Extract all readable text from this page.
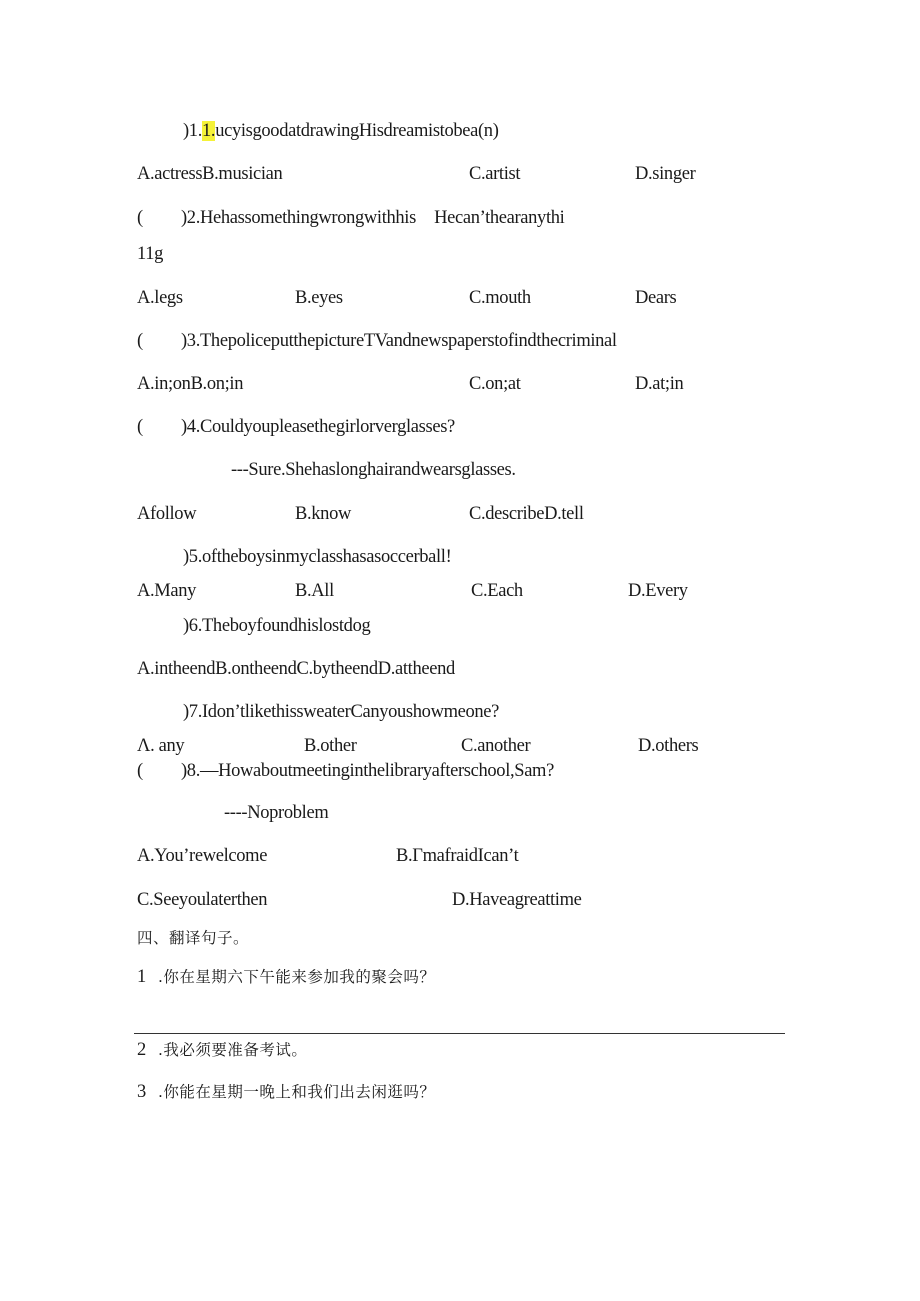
)1.1.ucyisgoodatdrawingHisdreamistobea(n)
A.actressB.musician	C.artist	D.singer
( )2.Hehassomethingwrongwithhis　Hecan’thearanythi
11g
A.legs	B.eyes	C.mouth	Dears
( )3.ThepoliceputthepictureTVandnewspaperstofindthecriminal
A.in;onB.on;in	C.on;at	D.at;in
( )4.Couldyoupleasethegirlorverglasses?
---Sure.Shehaslonghairandwearsglasses.
Afollow	B.know	C.describeD.tell
)5.oftheboysinmyclasshasasoccerball!
A.Many	B.All	C.Each	D.Every
)6.Theboyfoundhislostdog
A.intheendB.ontheendC.bytheendD.attheend
)7.Idon’tlikethissweaterCanyoushowmeone?
Λ. any	B.other	C.another	D.others
( )8.—Howaboutmeetinginthelibraryafterschool,Sam?
----Noproblem
A.You’rewelcome	B.ΓmafraidIcan’t
C.Seeyoulaterthen	D.Haveagreattime
四、翻译句子。
1 .你在星期六下午能来参加我的聚会吗？
2 .我必须要准备考试。
3 .你能在星期一晚上和我们出去闲逛吗？
